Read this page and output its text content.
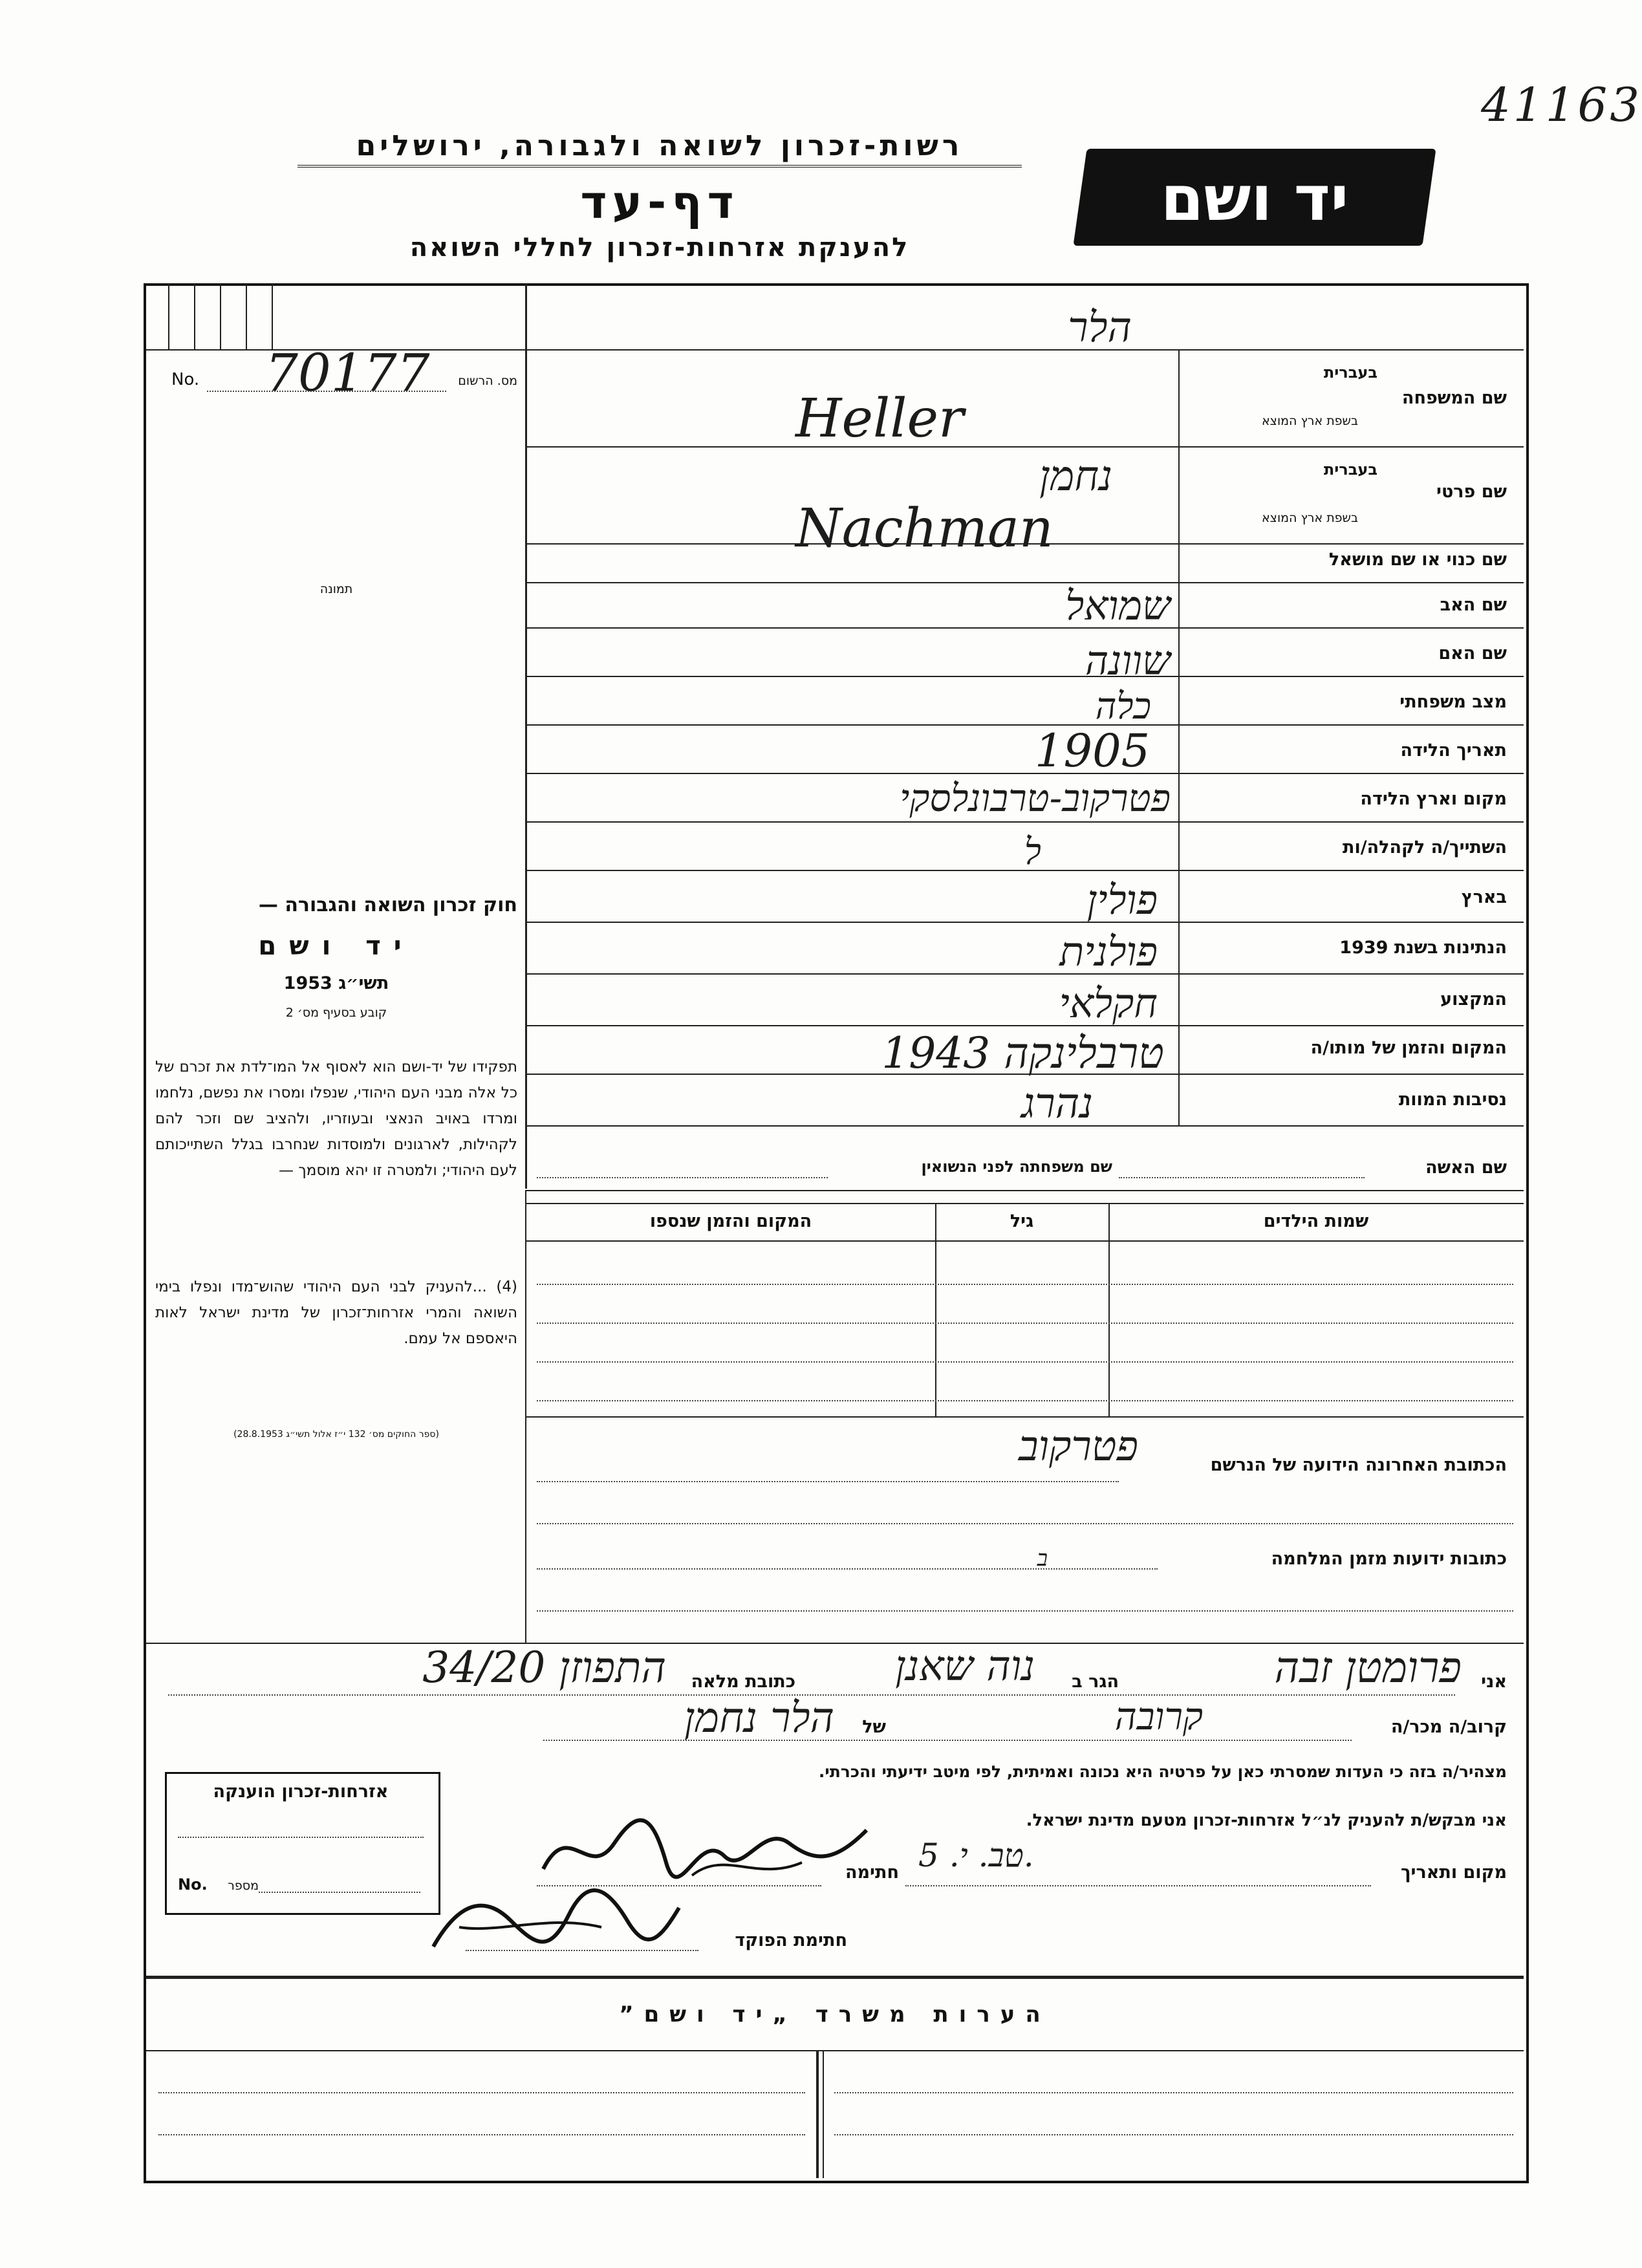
41163
רשות-זכרון לשואה ולגבורה, ירושלים
דף-עד
להענקת אזרחות-זכרון לחללי השואה
יד ושם
מס. הרשום
No. 70177
תמונה
בעברית
שם המשפחה
בשפת ארץ המוצא
בעברית
שם פרטי
בשפת ארץ המוצא
שם כנוי או שם מושאל
שם האב
שם האם
מצב משפחתי
תאריך הלידה
מקום וארץ הלידה
השתייך/ה לקהלה/ות
בארץ
הנתינות בשנת 1939
המקצוע
המקום והזמן של מותו/ה
נסיבות המוות
הלר
Heller
נחמן
Nachman
שמואל
שוונה
כלה
1905
פטרקוב-טרבונלסקי
ל
פולין
פולנית
חקלאי
טרבלינקה 1943
נהרג
חוק זכרון השואה והגבורה —
יד ושם
תשי״ג 1953
קובע בסעיף מס׳ 2
תפקידו של יד-ושם הוא לאסוף אל המו־לדת את זכרם של כל אלה מבני העם היהודי, שנפלו ומסרו את נפשם, נלחמו ומרדו באויב הנאצי ובעוזריו, ולהציב שם וזכר להם לקהילות, לארגונים ולמוסדות שנחרבו בגלל השתייכותם לעם היהודי; ולמטרה זו יהא מוסמך —
(4) ...להעניק לבני העם היהודי שהוש־מדו ונפלו בימי השואה והמרי אזרחות־זכרון של מדינת ישראל לאות היאספם אל עמם.
(ספר החוקים מס׳ 132 י״ז אלול תשי״ג 28.8.1953)
שם האשה
שם משפחתה לפני הנשואין
שמות הילדים
גיל
המקום והזמן שנספו
הכתובת האחרונה הידועה של הנרשם
פטרקוב
כתובות ידועות מזמן המלחמה
ב
אני
פרומטן זבה
הגר ב
נוה שאנן
כתובת מלאה
התפוזן 34/20
קרוב/ה מכר/ה
קרובה
של
הלר נחמן
מצהיר/ה בזה כי העדות שמסרתי כאן על פרטיה היא נכונה ואמיתית, לפי מיטב ידיעתי והכרתי.
אני מבקש/ת להעניק לנ״ל אזרחות-זכרון מטעם מדינת ישראל.
מקום ותאריך
טב. י. 5.
חתימה
חתימת הפוקד
אזרחות-זכרון הוענקה
No.	מספר
הערות משרד „יד ושם”
